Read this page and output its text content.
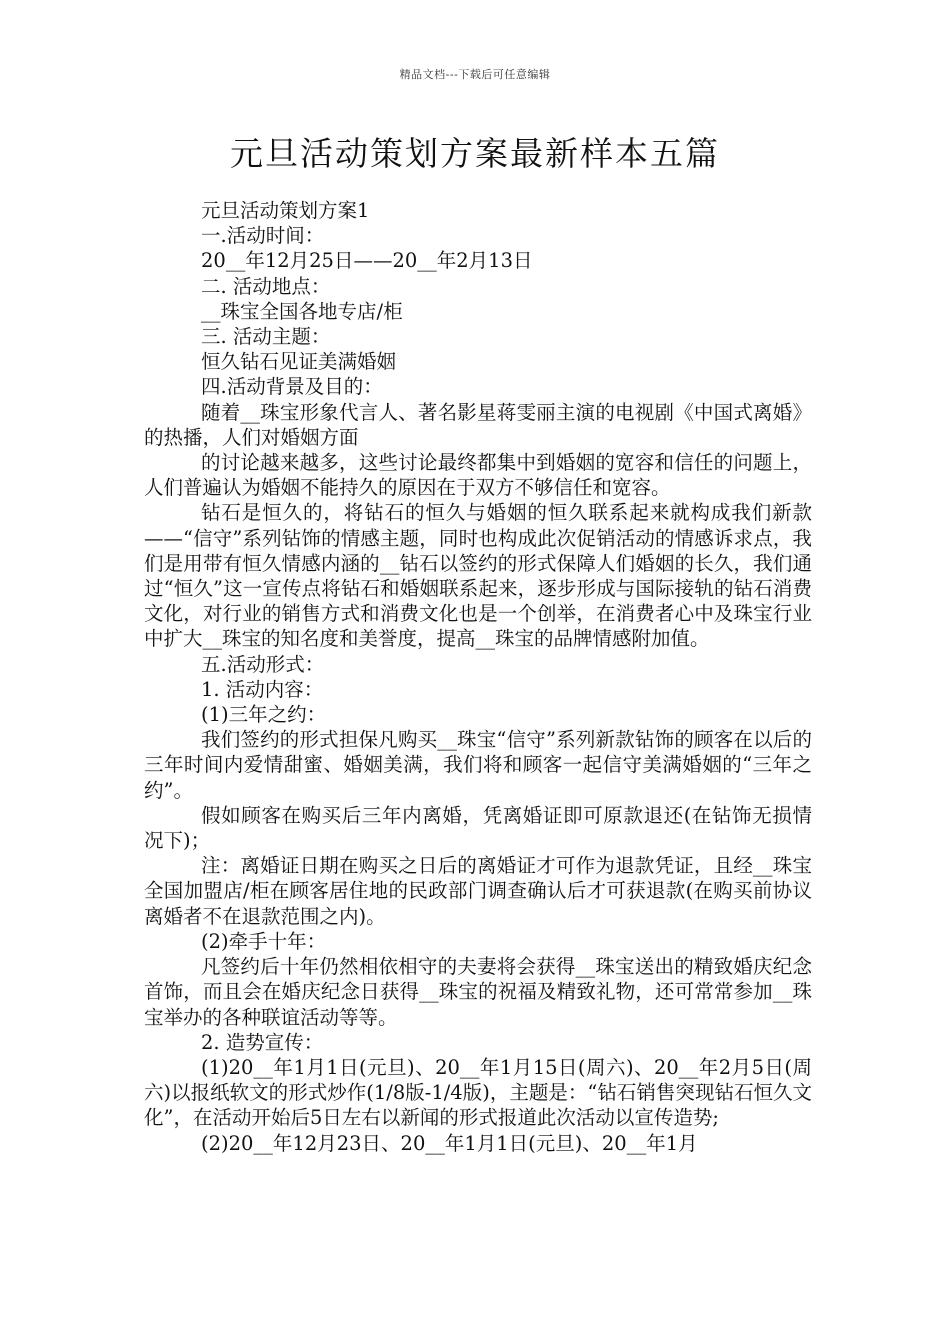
精品文档---下载后可任意编辑
元旦活动策划方案最新样本五篇
元旦活动策划方案1
一.活动时间：
20__年12月25日——20__年2月13日
二. 活动地点：
__珠宝全国各地专店/柜
三. 活动主题：
恒久钻石见证美满婚姻
四.活动背景及目的：
随着__珠宝形象代言人、著名影星蒋雯丽主演的电视剧《中国式离婚》的热播，人们对婚姻方面
的讨论越来越多，这些讨论最终都集中到婚姻的宽容和信任的问题上，人们普遍认为婚姻不能持久的原因在于双方不够信任和宽容。
钻石是恒久的，将钻石的恒久与婚姻的恒久联系起来就构成我们新款——“信守”系列钻饰的情感主题，同时也构成此次促销活动的情感诉求点，我们是用带有恒久情感内涵的__钻石以签约的形式保障人们婚姻的长久，我们通过“恒久”这一宣传点将钻石和婚姻联系起来，逐步形成与国际接轨的钻石消费文化，对行业的销售方式和消费文化也是一个创举，在消费者心中及珠宝行业中扩大__珠宝的知名度和美誉度，提高__珠宝的品牌情感附加值。
五.活动形式：
1. 活动内容：
(1)三年之约：
我们签约的形式担保凡购买__珠宝“信守”系列新款钻饰的顾客在以后的三年时间内爱情甜蜜、婚姻美满，我们将和顾客一起信守美满婚姻的“三年之约”。
假如顾客在购买后三年内离婚，凭离婚证即可原款退还(在钻饰无损情况下)；
注：离婚证日期在购买之日后的离婚证才可作为退款凭证，且经__珠宝全国加盟店/柜在顾客居住地的民政部门调查确认后才可获退款(在购买前协议离婚者不在退款范围之内)。
(2)牵手十年：
凡签约后十年仍然相依相守的夫妻将会获得__珠宝送出的精致婚庆纪念首饰，而且会在婚庆纪念日获得__珠宝的祝福及精致礼物，还可常常参加__珠宝举办的各种联谊活动等等。
2. 造势宣传：
(1)20__年1月1日(元旦)、20__年1月15日(周六)、20__年2月5日(周六)以报纸软文的形式炒作(1/8版-1/4版)，主题是：“钻石销售突现钻石恒久文化”，在活动开始后5日左右以新闻的形式报道此次活动以宣传造势;
(2)20__年12月23日、20__年1月1日(元旦)、20__年1月
